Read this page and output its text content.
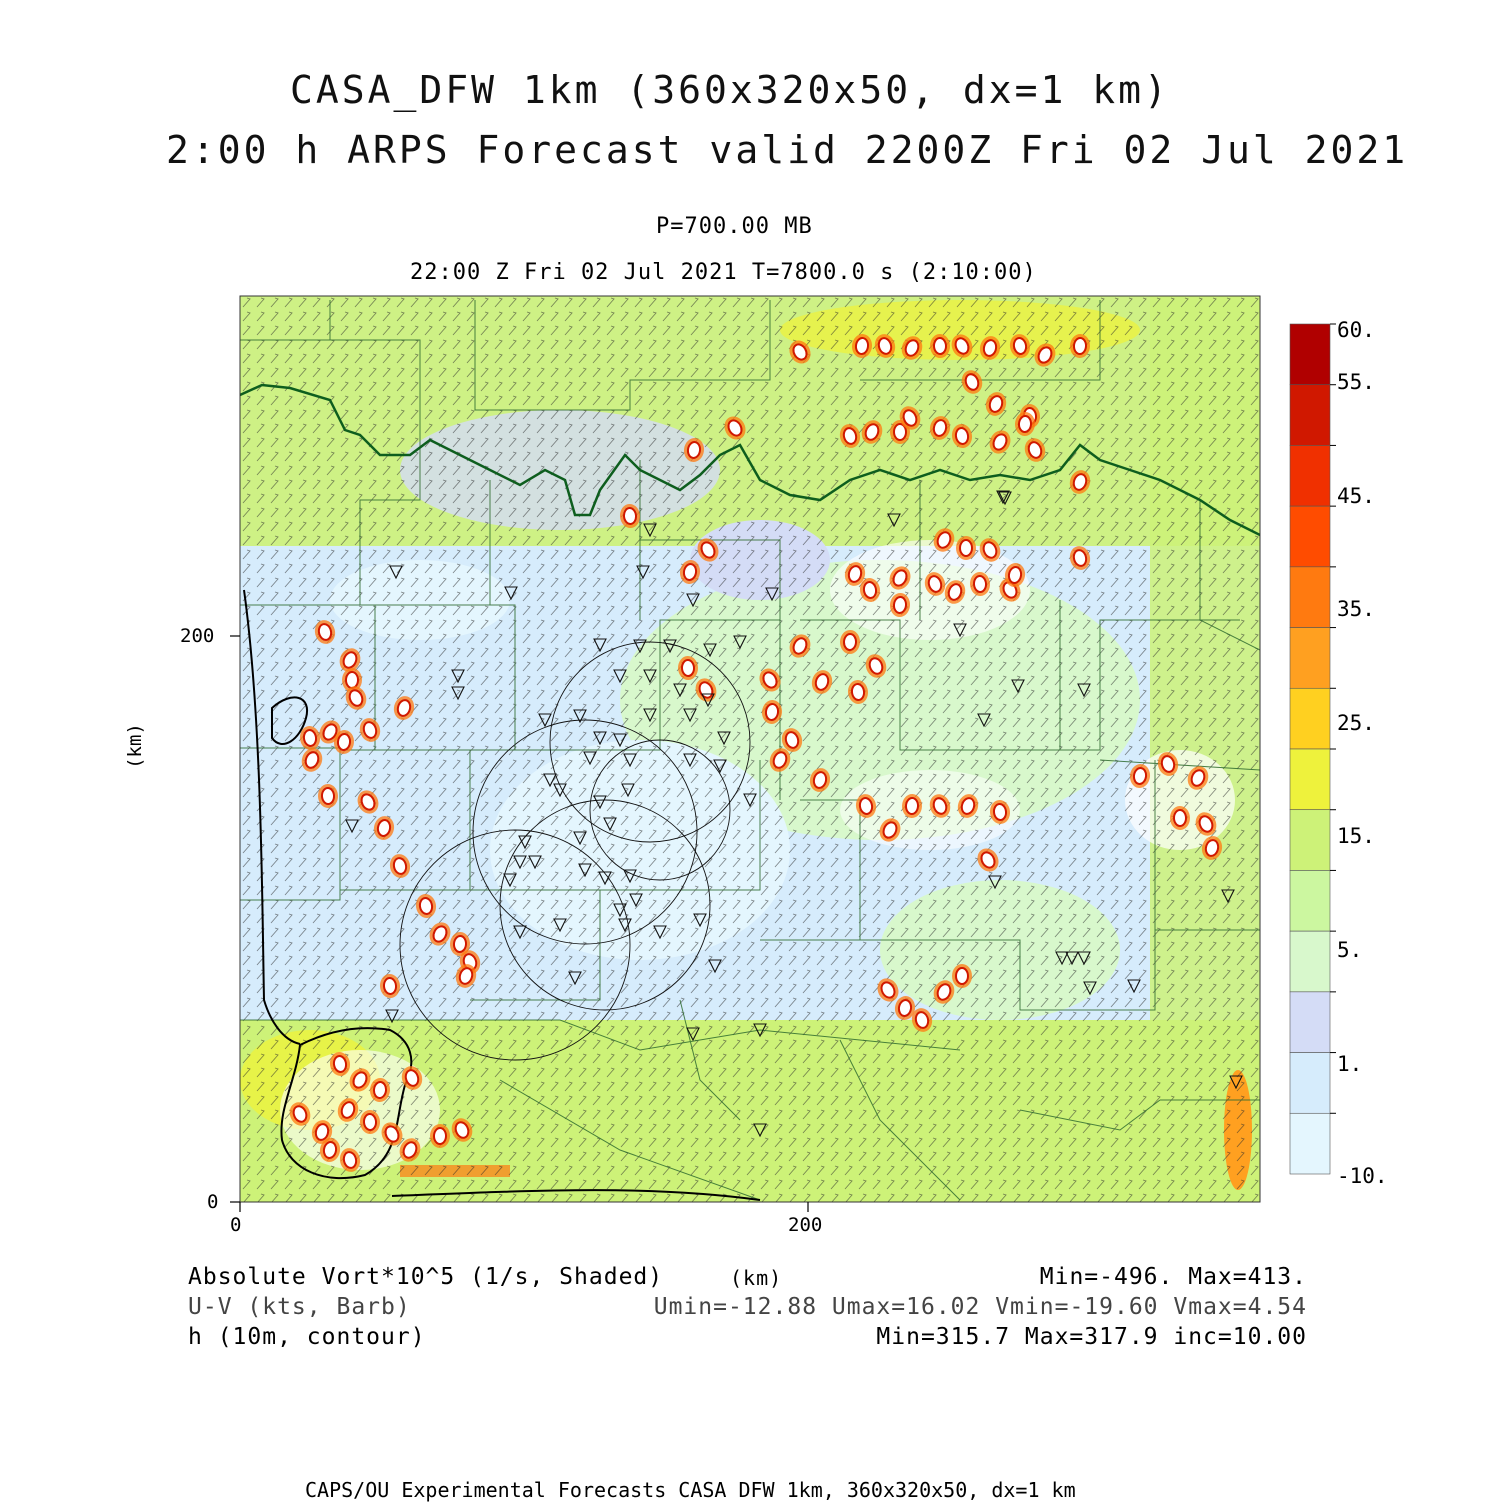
CASA_DFW 1km (360x320x50, dx=1 km)
2:00 h ARPS Forecast valid 2200Z Fri 02 Jul 2021
P=700.00 MB
22:00 Z Fri 02 Jul 2021 T=7800.0 s (2:10:00)
0	200
0
200
(km)
60.
55.
45.
35.
25.
15.
5.
1.
-10.
Absolute Vort*10^5 (1/s, Shaded)	(km)	Min=-496. Max=413.
U-V (kts, Barb)	Umin=-12.88 Umax=16.02 Vmin=-19.60 Vmax=4.54
h (10m, contour)	Min=315.7 Max=317.9 inc=10.00
CAPS/OU Experimental Forecasts CASA DFW 1km, 360x320x50, dx=1 km
